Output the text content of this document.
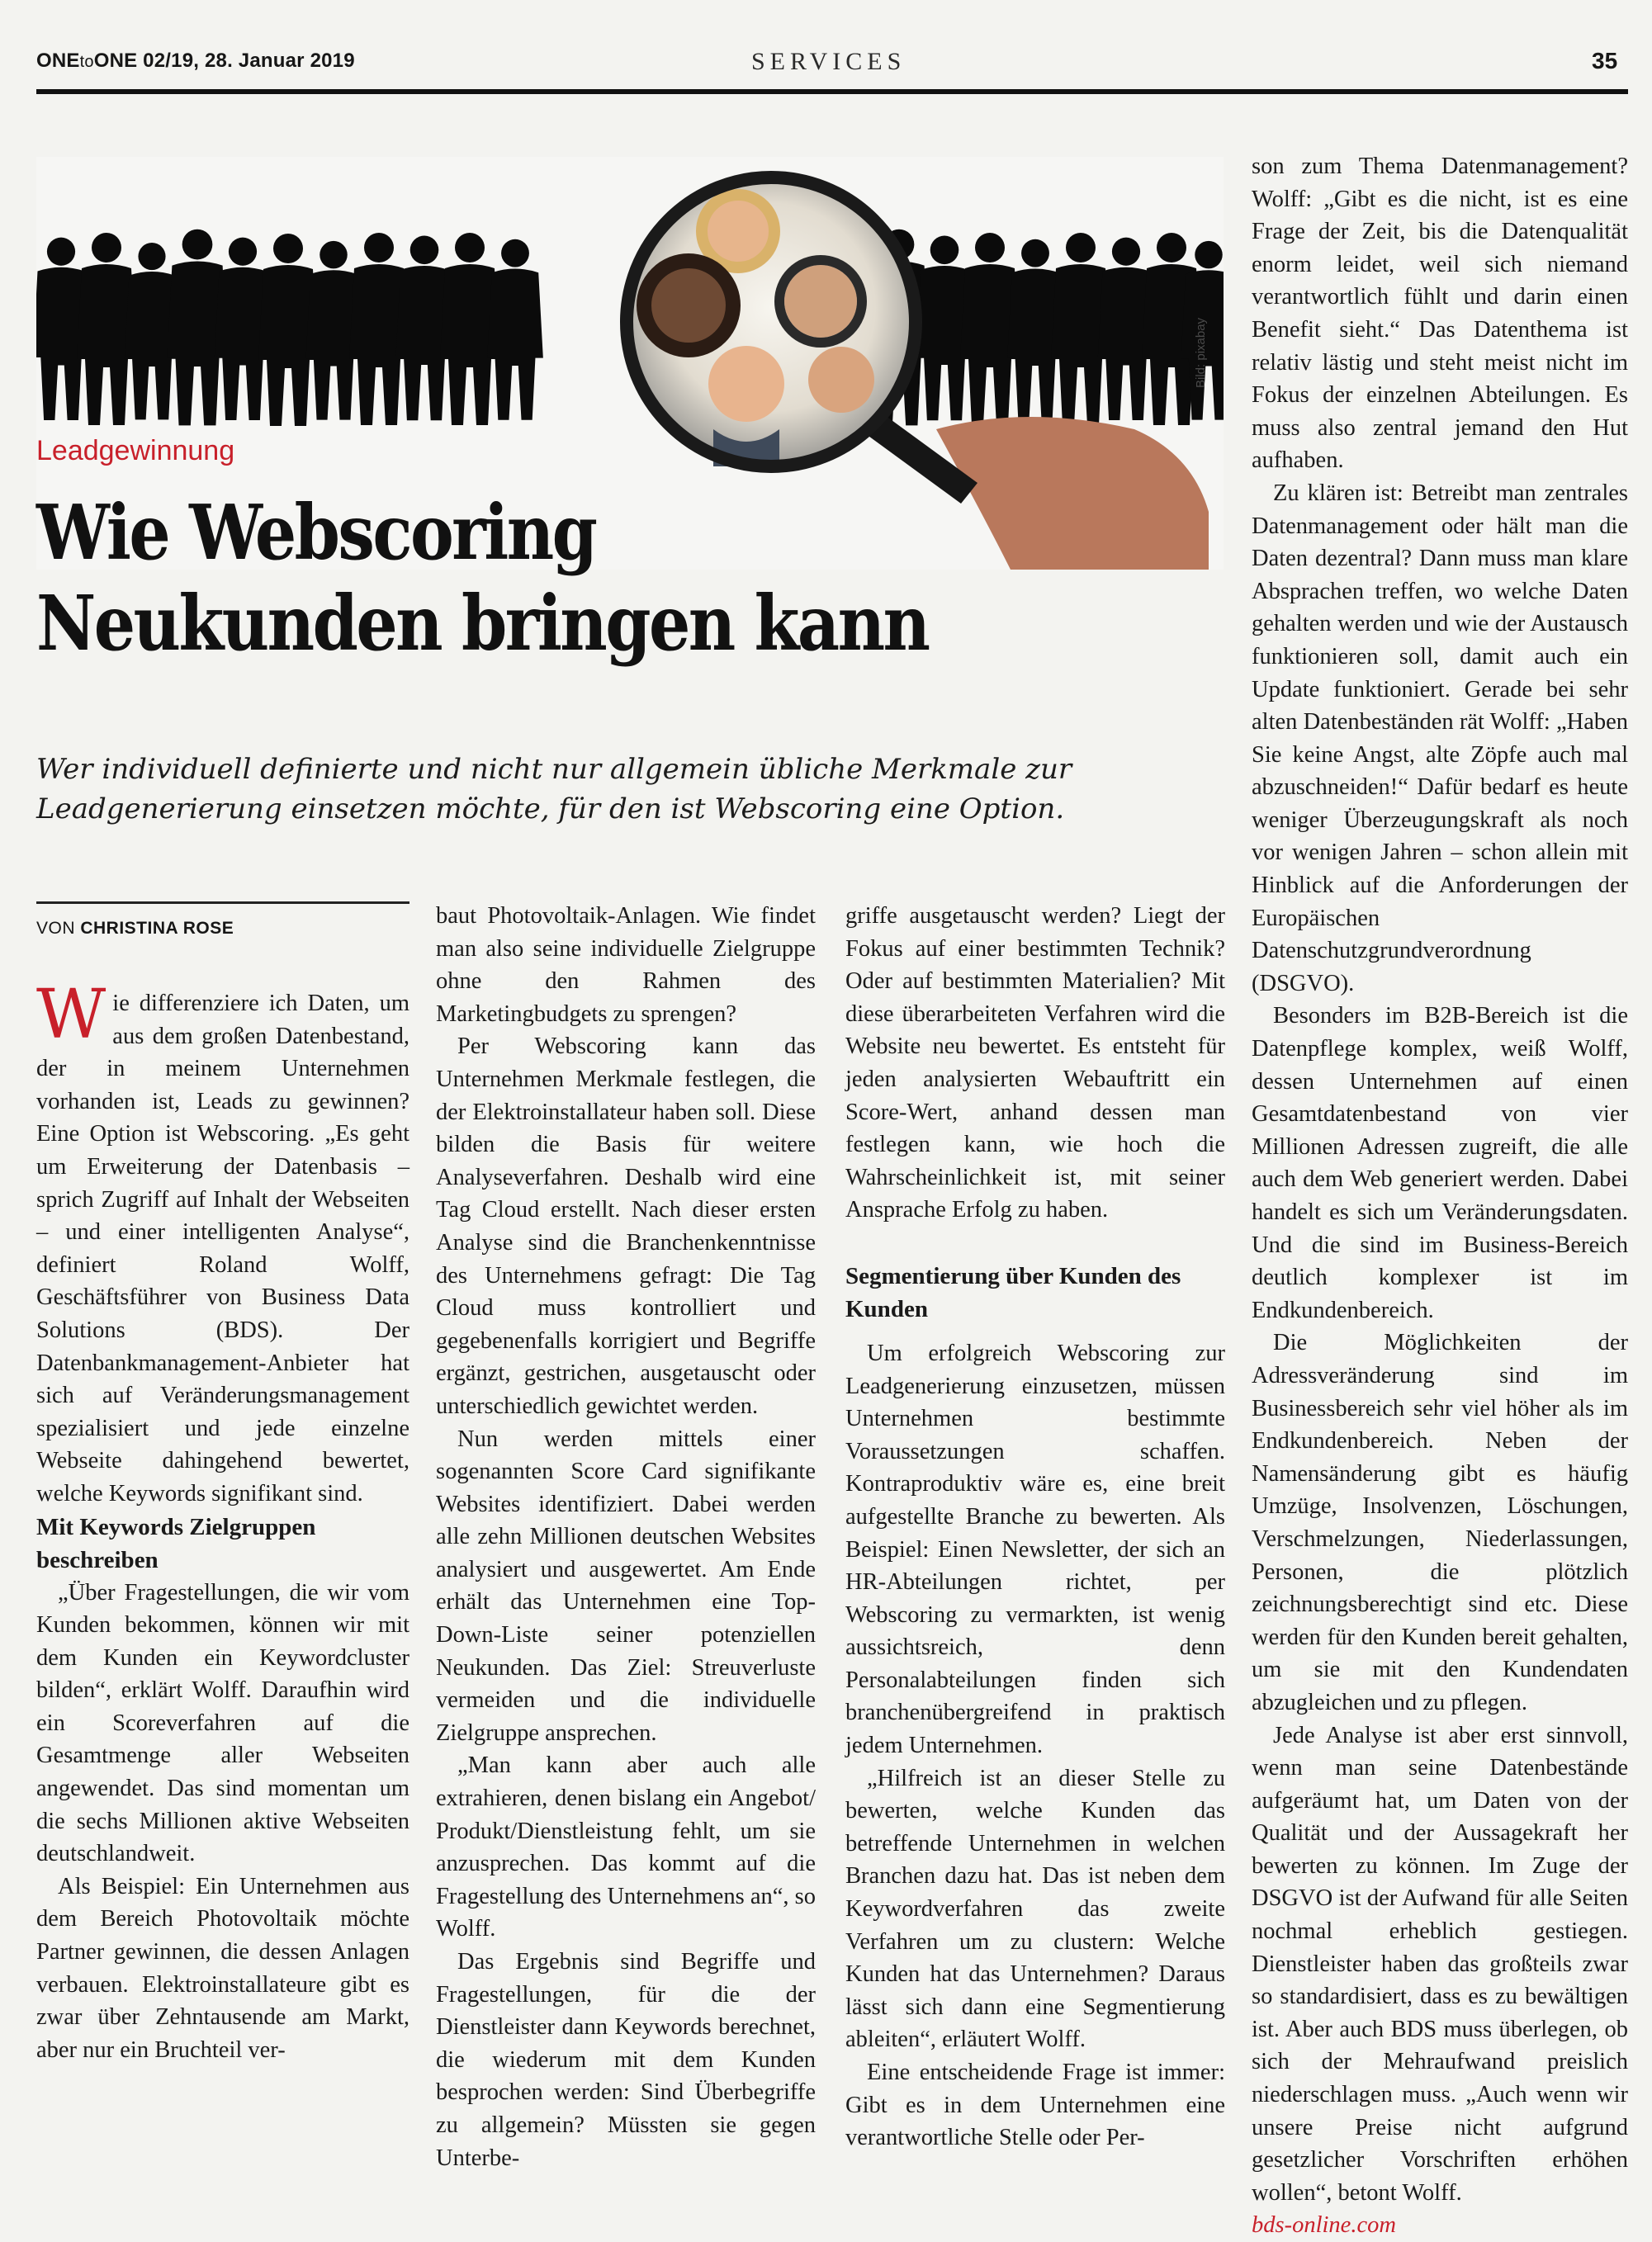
ONEtoONE 02/19, 28. Januar 2019	SERVICES	35
Bild: pixabay
Leadgewinnung
Wie Webscoring
Neukunden bringen kann
Wer individuell definierte und nicht nur allgemein übliche Merkmale zur Leadgenerierung einsetzen möchte, für den ist Webscoring eine Option.
VON CHRISTINA ROSE

Wie differenziere ich Daten, um aus dem großen Datenbestand, der in meinem Unternehmen vorhanden ist, Leads zu gewinnen? Eine Option ist Webscoring. „Es geht um Erweiterung der Datenbasis – sprich Zugriff auf Inhalt der Webseiten – und einer intelligenten Analyse“, definiert Roland Wolff, Geschäftsführer von Business Data Solutions (BDS). Der Datenbankmanagement-Anbieter hat sich auf Veränderungsmanagement spezialisiert und jede einzelne Webseite dahingehend bewertet, welche Keywords signifikant sind.

Mit Keywords Zielgruppen beschreiben

„Über Fragestellungen, die wir vom Kunden bekommen, können wir mit dem Kunden ein Keywordcluster bilden“, erklärt Wolff. Daraufhin wird ein Scoreverfahren auf die Gesamtmenge aller Webseiten angewendet. Das sind momentan um die sechs Millionen aktive Webseiten deutschlandweit.

Als Beispiel: Ein Unternehmen aus dem Bereich Photovoltaik möchte Partner gewinnen, die dessen Anlagen verbauen. Elektroinstallateure gibt es zwar über Zehntausende am Markt, aber nur ein Bruchteil ver-

baut Photovoltaik-Anlagen. Wie findet man also seine individuelle Zielgruppe ohne den Rahmen des Marketingbudgets zu sprengen?

Per Webscoring kann das Unternehmen Merkmale festlegen, die der Elektroinstallateur haben soll. Diese bilden die Basis für weitere Analyseverfahren. Deshalb wird eine Tag Cloud erstellt. Nach dieser ersten Analyse sind die Branchenkenntnisse des Unternehmens gefragt: Die Tag Cloud muss kontrolliert und gegebenenfalls korrigiert und Begriffe ergänzt, gestrichen, ausgetauscht oder unterschiedlich gewichtet werden.

Nun werden mittels einer sogenannten Score Card signifikante Websites identifiziert. Dabei werden alle zehn Millionen deutschen Websites analysiert und ausgewertet. Am Ende erhält das Unternehmen eine Top-Down-Liste seiner potenziellen Neukunden. Das Ziel: Streuverluste vermeiden und die individuelle Zielgruppe ansprechen.

„Man kann aber auch alle extrahieren, denen bislang ein Angebot/ Produkt/Dienstleistung fehlt, um sie anzusprechen. Das kommt auf die Fragestellung des Unternehmens an“, so Wolff.

Das Ergebnis sind Begriffe und Fragestellungen, für die der Dienstleister dann Keywords berechnet, die wiederum mit dem Kunden besprochen werden: Sind Überbegriffe zu allgemein? Müssten sie gegen Unterbe-

griffe ausgetauscht werden? Liegt der Fokus auf einer bestimmten Technik? Oder auf bestimmten Materialien? Mit diese überarbeiteten Verfahren wird die Website neu bewertet. Es entsteht für jeden analysierten Webauftritt ein Score-Wert, anhand dessen man festlegen kann, wie hoch die Wahrscheinlichkeit ist, mit seiner Ansprache Erfolg zu haben.

Segmentierung über Kunden des Kunden

Um erfolgreich Webscoring zur Leadgenerierung einzusetzen, müssen Unternehmen bestimmte Voraussetzungen schaffen. Kontraproduktiv wäre es, eine breit aufgestellte Branche zu bewerten. Als Beispiel: Einen Newsletter, der sich an HR-Abteilungen richtet, per Webscoring zu vermarkten, ist wenig aussichtsreich, denn Personalabteilungen finden sich branchenübergreifend in praktisch jedem Unternehmen.

„Hilfreich ist an dieser Stelle zu bewerten, welche Kunden das betreffende Unternehmen in welchen Branchen dazu hat. Das ist neben dem Keywordverfahren das zweite Verfahren um zu clustern: Welche Kunden hat das Unternehmen? Daraus lässt sich dann eine Segmentierung ableiten“, erläutert Wolff.

Eine entscheidende Frage ist immer: Gibt es in dem Unternehmen eine verantwortliche Stelle oder Per-

son zum Thema Datenmanagement? Wolff: „Gibt es die nicht, ist es eine Frage der Zeit, bis die Datenqualität enorm leidet, weil sich niemand verantwortlich fühlt und darin einen Benefit sieht.“ Das Datenthema ist relativ lästig und steht meist nicht im Fokus der einzelnen Abteilungen. Es muss also zentral jemand den Hut aufhaben.

Zu klären ist: Betreibt man zentrales Datenmanagement oder hält man die Daten dezentral? Dann muss man klare Absprachen treffen, wo welche Daten gehalten werden und wie der Austausch funktionieren soll, damit auch ein Update funktioniert. Gerade bei sehr alten Datenbeständen rät Wolff: „Haben Sie keine Angst, alte Zöpfe auch mal abzuschneiden!“ Dafür bedarf es heute weniger Überzeugungskraft als noch vor wenigen Jahren – schon allein mit Hinblick auf die Anforderungen der Europäischen Datenschutzgrundverordnung (DSGVO).

Besonders im B2B-Bereich ist die Datenpflege komplex, weiß Wolff, dessen Unternehmen auf einen Gesamtdatenbestand von vier Millionen Adressen zugreift, die alle auch dem Web generiert werden. Dabei handelt es sich um Veränderungsdaten. Und die sind im Business-Bereich deutlich komplexer ist im Endkundenbereich.

Die Möglichkeiten der Adressveränderung sind im Businessbereich sehr viel höher als im Endkundenbereich. Neben der Namensänderung gibt es häufig Umzüge, Insolvenzen, Löschungen, Verschmelzungen, Niederlassungen, Personen, die plötzlich zeichnungsberechtigt sind etc. Diese werden für den Kunden bereit gehalten, um sie mit den Kundendaten abzugleichen und zu pflegen.

Jede Analyse ist aber erst sinnvoll, wenn man seine Datenbestände aufgeräumt hat, um Daten von der Qualität und der Aussagekraft her bewerten zu können. Im Zuge der DSGVO ist der Aufwand für alle Seiten nochmal erheblich gestiegen. Dienstleister haben das großteils zwar so standardisiert, dass es zu bewältigen ist. Aber auch BDS muss überlegen, ob sich der Mehraufwand preislich niederschlagen muss. „Auch wenn wir unsere Preise nicht aufgrund gesetzlicher Vorschriften erhöhen wollen“, betont Wolff.

bds-online.com
